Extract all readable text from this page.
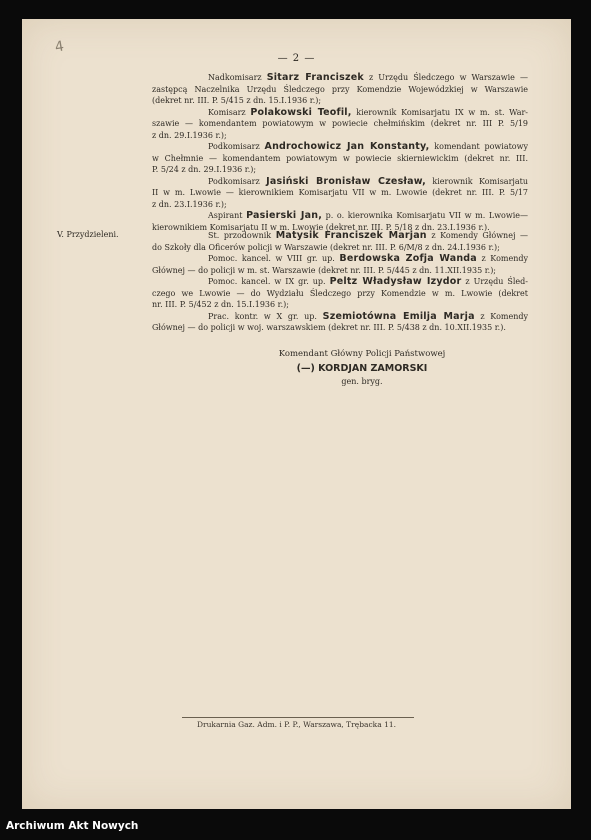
4
— 2 —
Nadkomisarz Sitarz Franciszek z Urzędu Śledczego w Warszawie —
zastępcą Naczelnika Urzędu Śledczego przy Komendzie Wojewódzkiej w Warszawie
(dekret nr. III. P. 5/415 z dn. 15.I.1936 r.);
Komisarz Polakowski Teofil, kierownik Komisarjatu IX w m. st. War-
szawie — komendantem powiatowym w powiecie chełmińskim (dekret nr. III P. 5/19
z dn. 29.I.1936 r.);
Podkomisarz Androchowicz Jan Konstanty, komendant powiatowy
w Chełmnie — komendantem powiatowym w powiecie skierniewickim (dekret nr. III.
P. 5/24 z dn. 29.I.1936 r.);
Podkomisarz Jasiński Bronisław Czesław, kierownik Komisarjatu
II w m. Lwowie — kierownikiem Komisarjatu VII w m. Lwowie (dekret nr. III. P. 5/17
z dn. 23.I.1936 r.);
Aspirant Pasierski Jan, p. o. kierownika Komisarjatu VII w m. Lwowie—
kierownikiem Komisarjatu II w m. Lwowie (dekret nr. III. P. 5/18 z dn. 23.I.1936 r.).
V. Przydzieleni.	St. przodownik Matysik Franciszek Marjan z Komendy Głównej —
do Szkoły dla Oficerów policji w Warszawie (dekret nr. III. P. 6/M/8 z dn. 24.I.1936 r.);
Pomoc. kancel. w VIII gr. up. Berdowska Zofja Wanda z Komendy
Głównej — do policji w m. st. Warszawie (dekret nr. III. P. 5/445 z dn. 11.XII.1935 r.);
Pomoc. kancel. w IX gr. up. Peltz Władysław Izydor z Urzędu Śled-
czego we Lwowie — do Wydziału Śledczego przy Komendzie w m. Lwowie (dekret
nr. III. P. 5/452 z dn. 15.I.1936 r.);
Prac. kontr. w X gr. up. Szemiotówna Emilja Marja z Komendy
Głównej — do policji w woj. warszawskiem (dekret nr. III. P. 5/438 z dn. 10.XII.1935 r.).
Komendant Główny Policji Państwowej
(—) KORDJAN ZAMORSKI
gen. bryg.
Drukarnia Gaz. Adm. i P. P., Warszawa, Trębacka 11.
Archiwum Akt Nowych
